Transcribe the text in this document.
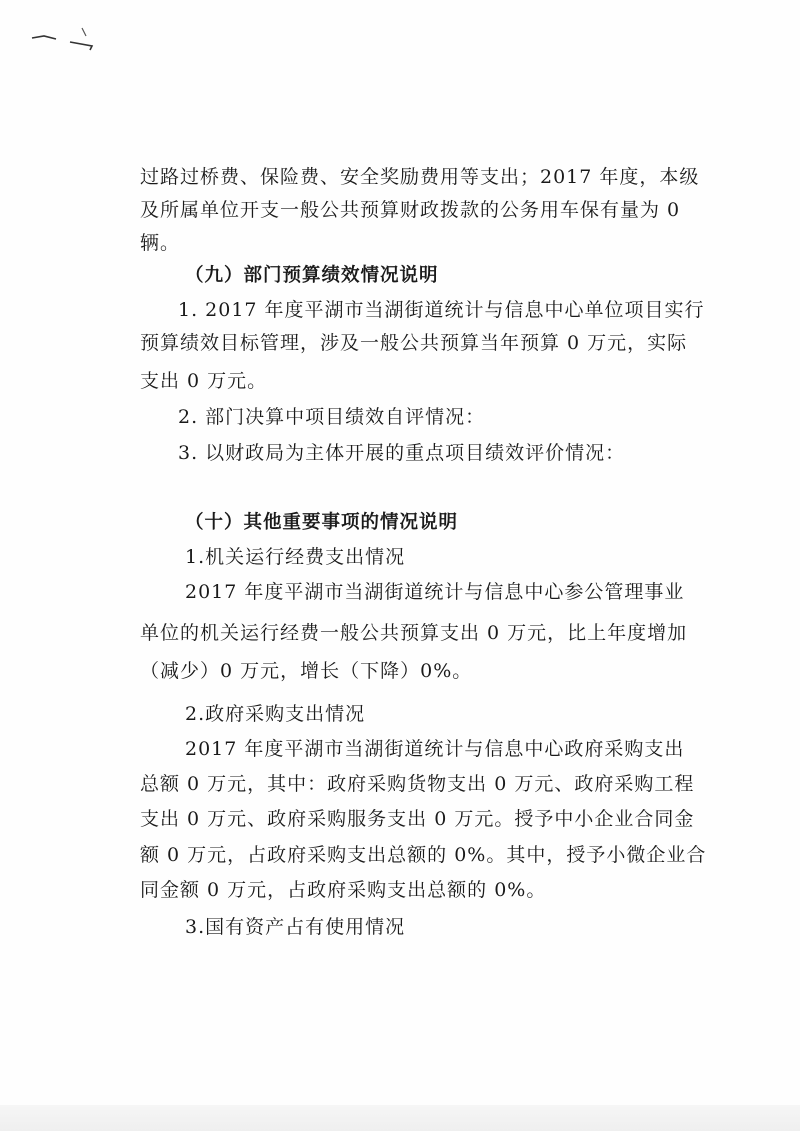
过路过桥费、保险费、安全奖励费用等支出；2017 年度，本级
及所属单位开支一般公共预算财政拨款的公务用车保有量为 0
辆。
（九）部门预算绩效情况说明
1. 2017 年度平湖市当湖街道统计与信息中心单位项目实行
预算绩效目标管理，涉及一般公共预算当年预算 0 万元，实际
支出 0 万元。
2. 部门决算中项目绩效自评情况：
3. 以财政局为主体开展的重点项目绩效评价情况：
（十）其他重要事项的情况说明
1.机关运行经费支出情况
2017 年度平湖市当湖街道统计与信息中心参公管理事业
单位的机关运行经费一般公共预算支出 0 万元，比上年度增加
（减少）0 万元，增长（下降）0%。
2.政府采购支出情况
2017 年度平湖市当湖街道统计与信息中心政府采购支出
总额 0 万元，其中：政府采购货物支出 0 万元、政府采购工程
支出 0 万元、政府采购服务支出 0 万元。授予中小企业合同金
额 0 万元，占政府采购支出总额的 0%。其中，授予小微企业合
同金额 0 万元，占政府采购支出总额的 0%。
3.国有资产占有使用情况
